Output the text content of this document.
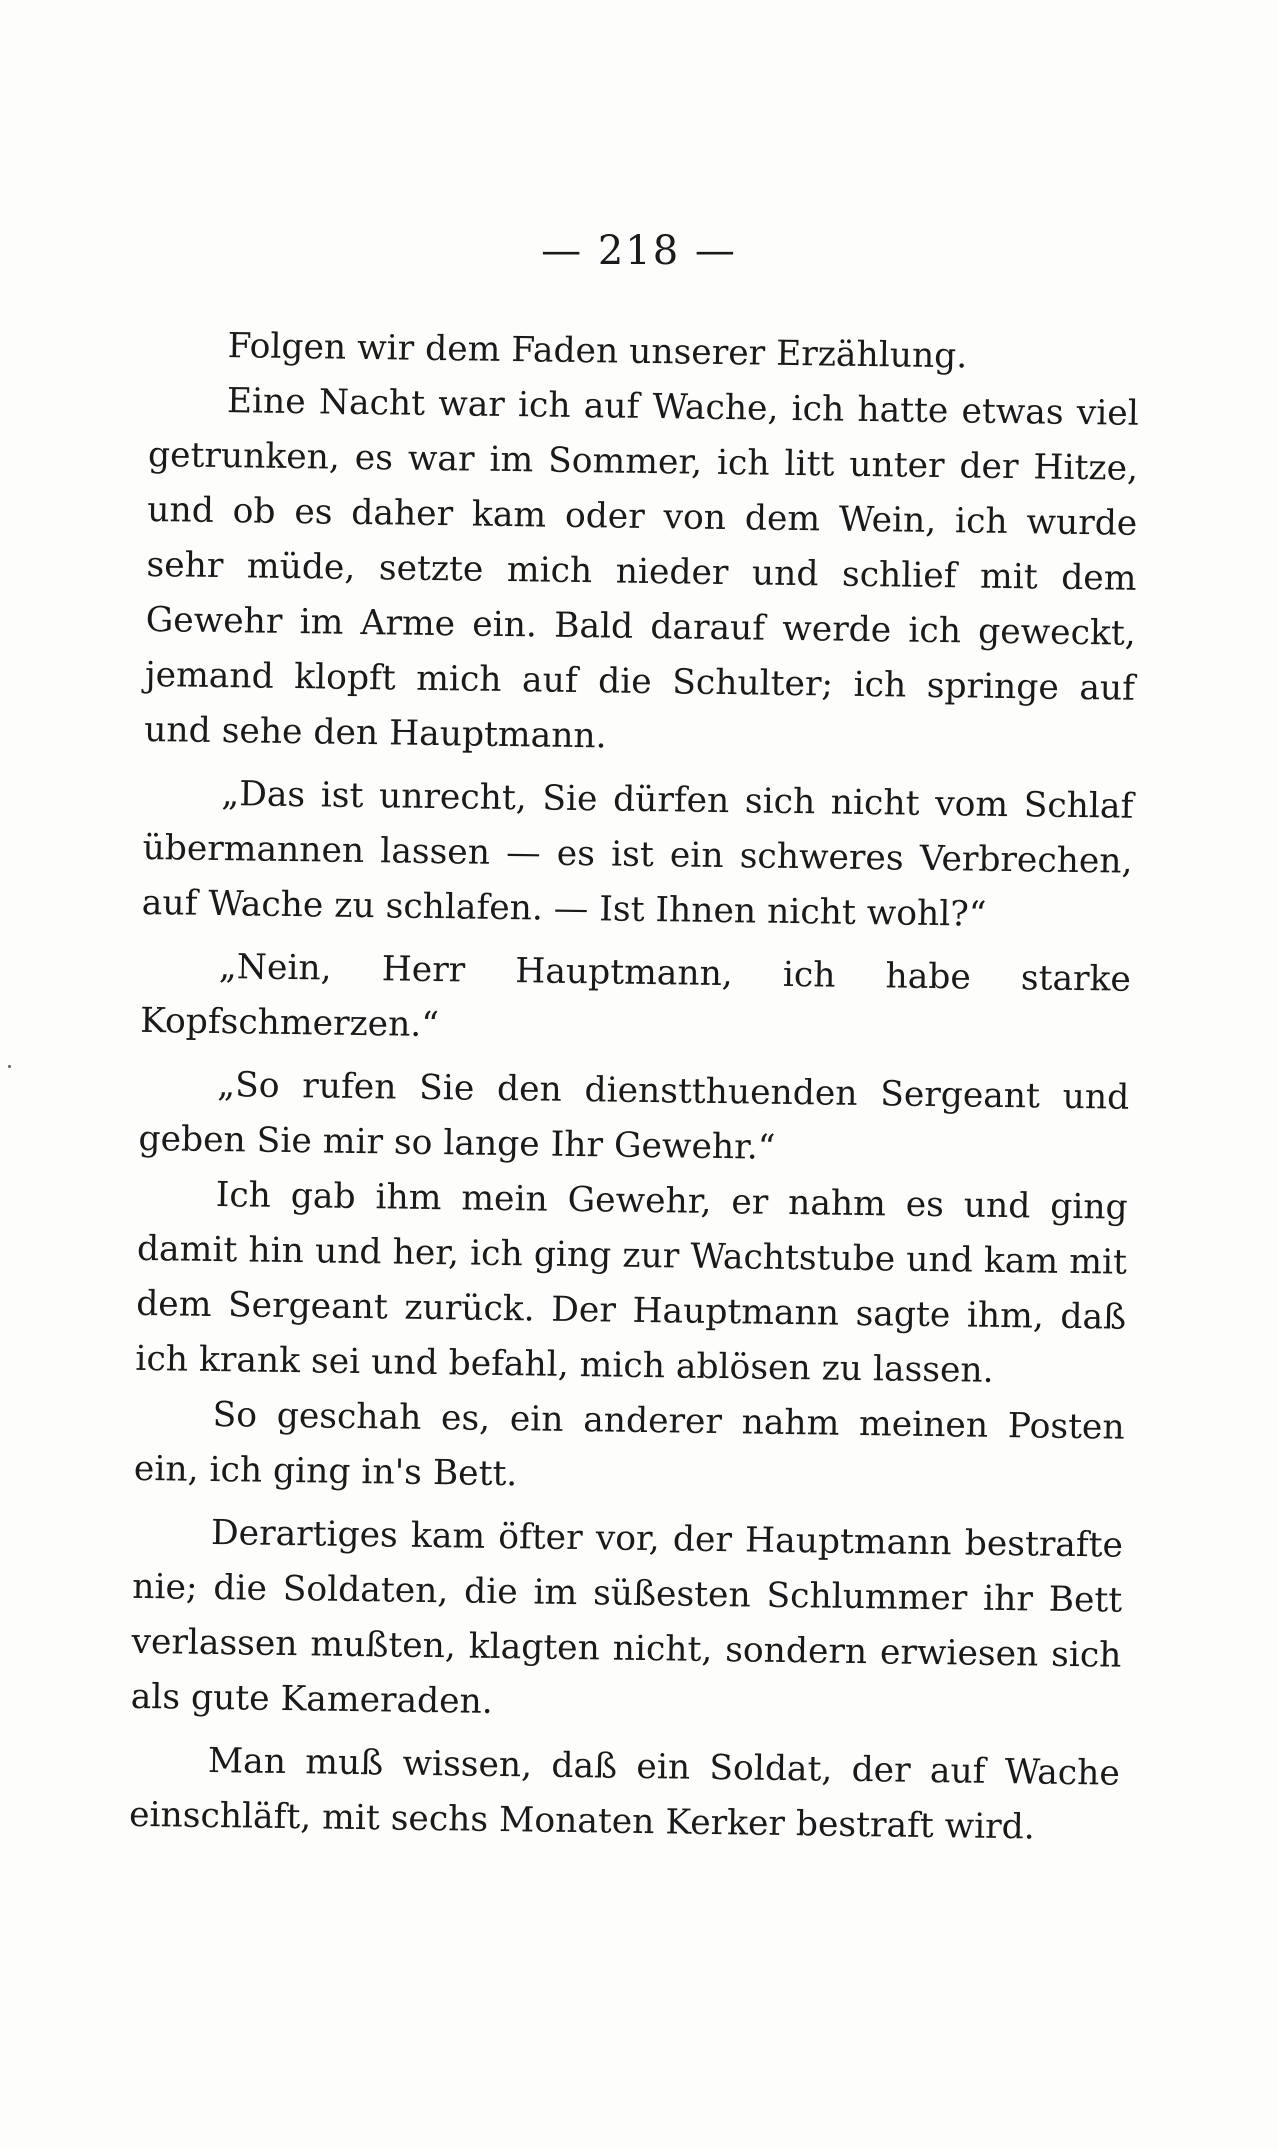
— 218 —

Folgen wir dem Faden unserer Erzählung.

Eine Nacht war ich auf Wache, ich hatte etwas viel getrunken, es war im Sommer, ich litt unter der Hitze, und ob es daher kam oder von dem Wein, ich wurde sehr müde, setzte mich nieder und schlief mit dem Gewehr im Arme ein. Bald darauf werde ich geweckt, jemand klopft mich auf die Schulter; ich springe auf und sehe den Hauptmann.

„Das ist unrecht, Sie dürfen sich nicht vom Schlaf übermannen lassen — es ist ein schweres Verbrechen, auf Wache zu schlafen. — Ist Ihnen nicht wohl?“

„Nein, Herr Hauptmann, ich habe starke Kopfschmerzen.“

„So rufen Sie den dienstthuenden Sergeant und geben Sie mir so lange Ihr Gewehr.“

Ich gab ihm mein Gewehr, er nahm es und ging damit hin und her, ich ging zur Wachtstube und kam mit dem Sergeant zurück. Der Hauptmann sagte ihm, daß ich krank sei und befahl, mich ablösen zu lassen.

So geschah es, ein anderer nahm meinen Posten ein, ich ging in's Bett.

Derartiges kam öfter vor, der Hauptmann bestrafte nie; die Soldaten, die im süßesten Schlummer ihr Bett verlassen mußten, klagten nicht, sondern erwiesen sich als gute Kameraden.

Man muß wissen, daß ein Soldat, der auf Wache einschläft, mit sechs Monaten Kerker bestraft wird.
